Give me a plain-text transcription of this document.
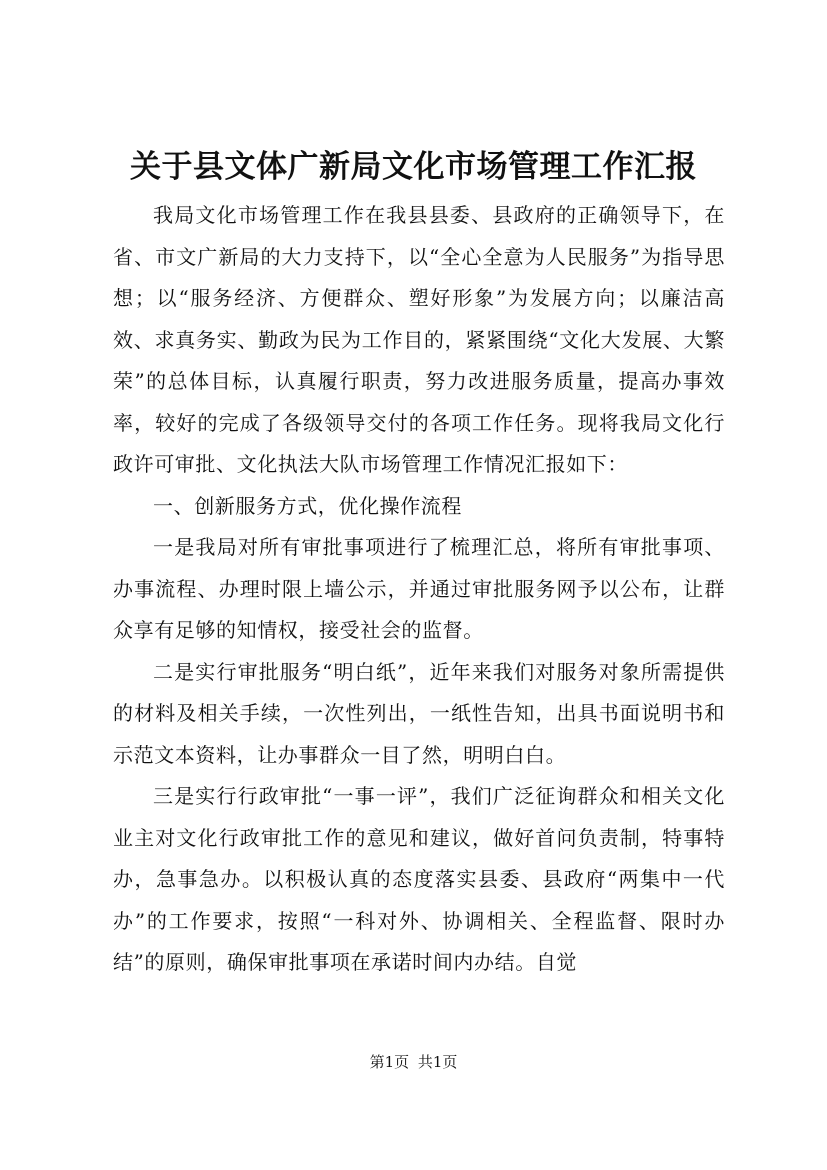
关于县文体广新局文化市场管理工作汇报

我局文化市场管理工作在我县县委、县政府的正确领导下，在省、市文广新局的大力支持下，以“全心全意为人民服务”为指导思想；以“服务经济、方便群众、塑好形象”为发展方向；以廉洁高效、求真务实、勤政为民为工作目的，紧紧围绕“文化大发展、大繁荣”的总体目标，认真履行职责，努力改进服务质量，提高办事效率，较好的完成了各级领导交付的各项工作任务。现将我局文化行政许可审批、文化执法大队市场管理工作情况汇报如下：

一、创新服务方式，优化操作流程

一是我局对所有审批事项进行了梳理汇总，将所有审批事项、办事流程、办理时限上墙公示，并通过审批服务网予以公布，让群众享有足够的知情权，接受社会的监督。

二是实行审批服务“明白纸”，近年来我们对服务对象所需提供的材料及相关手续，一次性列出，一纸性告知，出具书面说明书和示范文本资料，让办事群众一目了然，明明白白。

三是实行行政审批“一事一评”，我们广泛征询群众和相关文化业主对文化行政审批工作的意见和建议，做好首问负责制，特事特办，急事急办。以积极认真的态度落实县委、县政府“两集中一代办”的工作要求，按照“一科对外、协调相关、全程监督、限时办结”的原则，确保审批事项在承诺时间内办结。自觉

第1页 共1页
